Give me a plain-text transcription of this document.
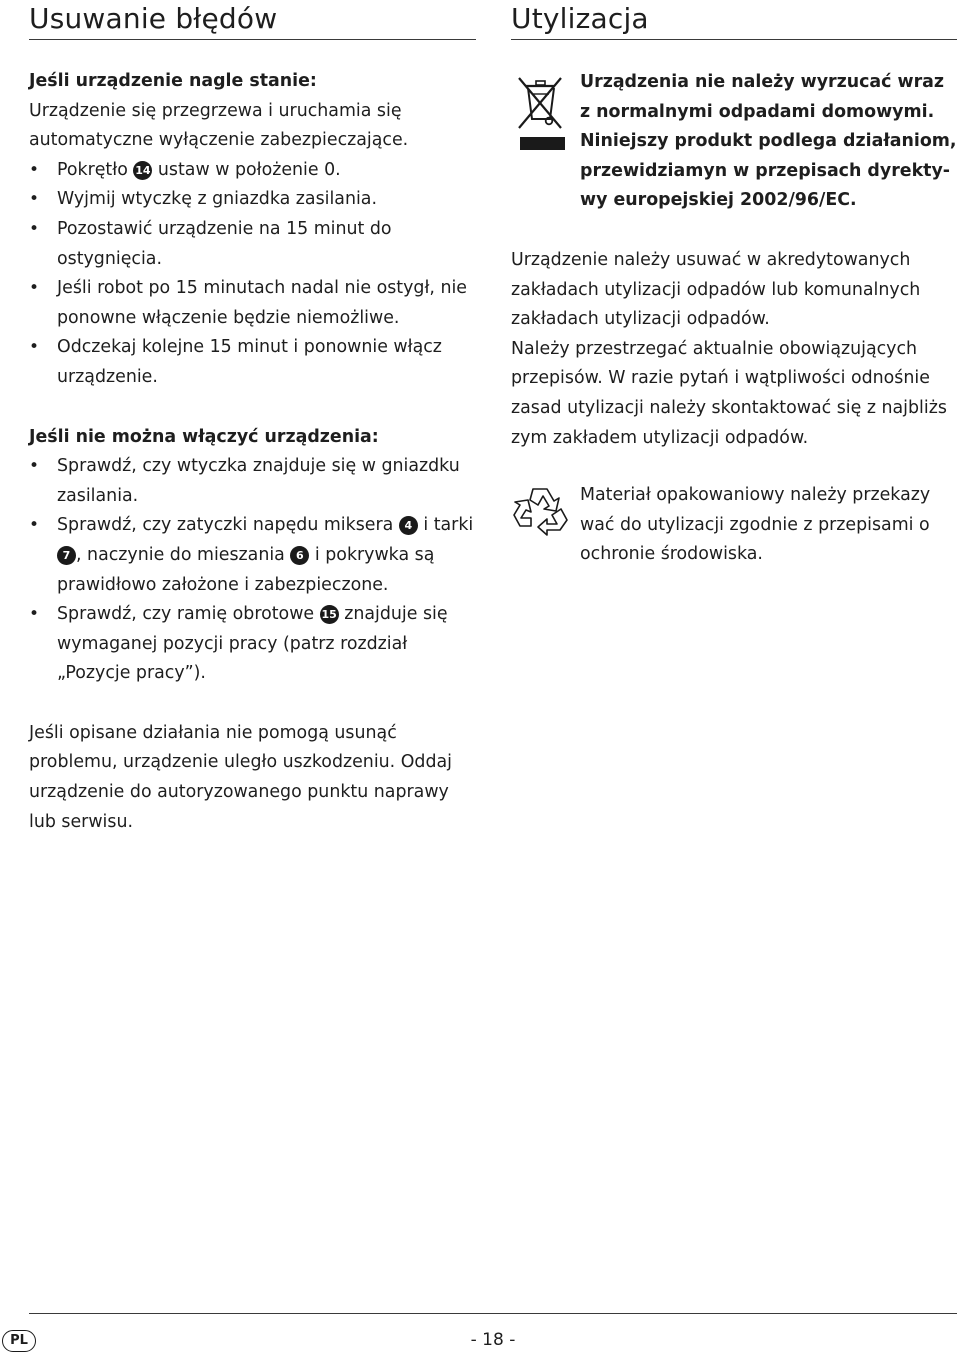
Usuwanie błędów
Jeśli urządzenie nagle stanie:
Urządzenie się przegrzewa i uruchamia się automatyczne wyłączenie zabezpieczające.
• Pokrętło 14 ustaw w położenie 0.
• Wyjmij wtyczkę z gniazdka zasilania.
• Pozostawić urządzenie na 15 minut do ostygnięcia.
• Jeśli robot po 15 minutach nadal nie ostygł, nie ponowne włączenie będzie niemożliwe.
• Odczekaj kolejne 15 minut i ponownie włącz urządzenie.
Jeśli nie można włączyć urządzenia:
• Sprawdź, czy wtyczka znajduje się w gniazdku zasilania.
• Sprawdź, czy zatyczki napędu miksera 4 i tarki 7 , naczynie do mieszania 6 i pokrywka są prawidłowo założone i zabezpieczone.
• Sprawdź, czy ramię obrotowe 15 znajduje się wymaganej pozycji pracy (patrz rozdział „Pozycje pracy”).
Jeśli opisane działania nie pomogą usunąć problemu, urządzenie uległo uszkodzeniu. Oddaj urządzenie do autoryzowanego punktu naprawy lub serwisu.
Utylizacja
Urządzenia nie należy wyrzucać wraz z normalnymi odpadami domowymi. Niniejszy produkt podlega działaniom, przewidziamyn w przepisach dyrekty- wy europejskiej 2002/96/EC.
Urządzenie należy usuwać w akredytowanych zakładach utylizacji odpadów lub komunalnych zakładach utylizacji odpadów.
Należy przestrzegać aktualnie obowiązujących przepisów. W razie pytań i wątpliwości odnośnie zasad utylizacji należy skontaktować się z najbliżs zym zakładem utylizacji odpadów.
Materiał opakowaniowy należy przekazy wać do utylizacji zgodnie z przepisami o ochronie środowiska.
PL	- 18 -
